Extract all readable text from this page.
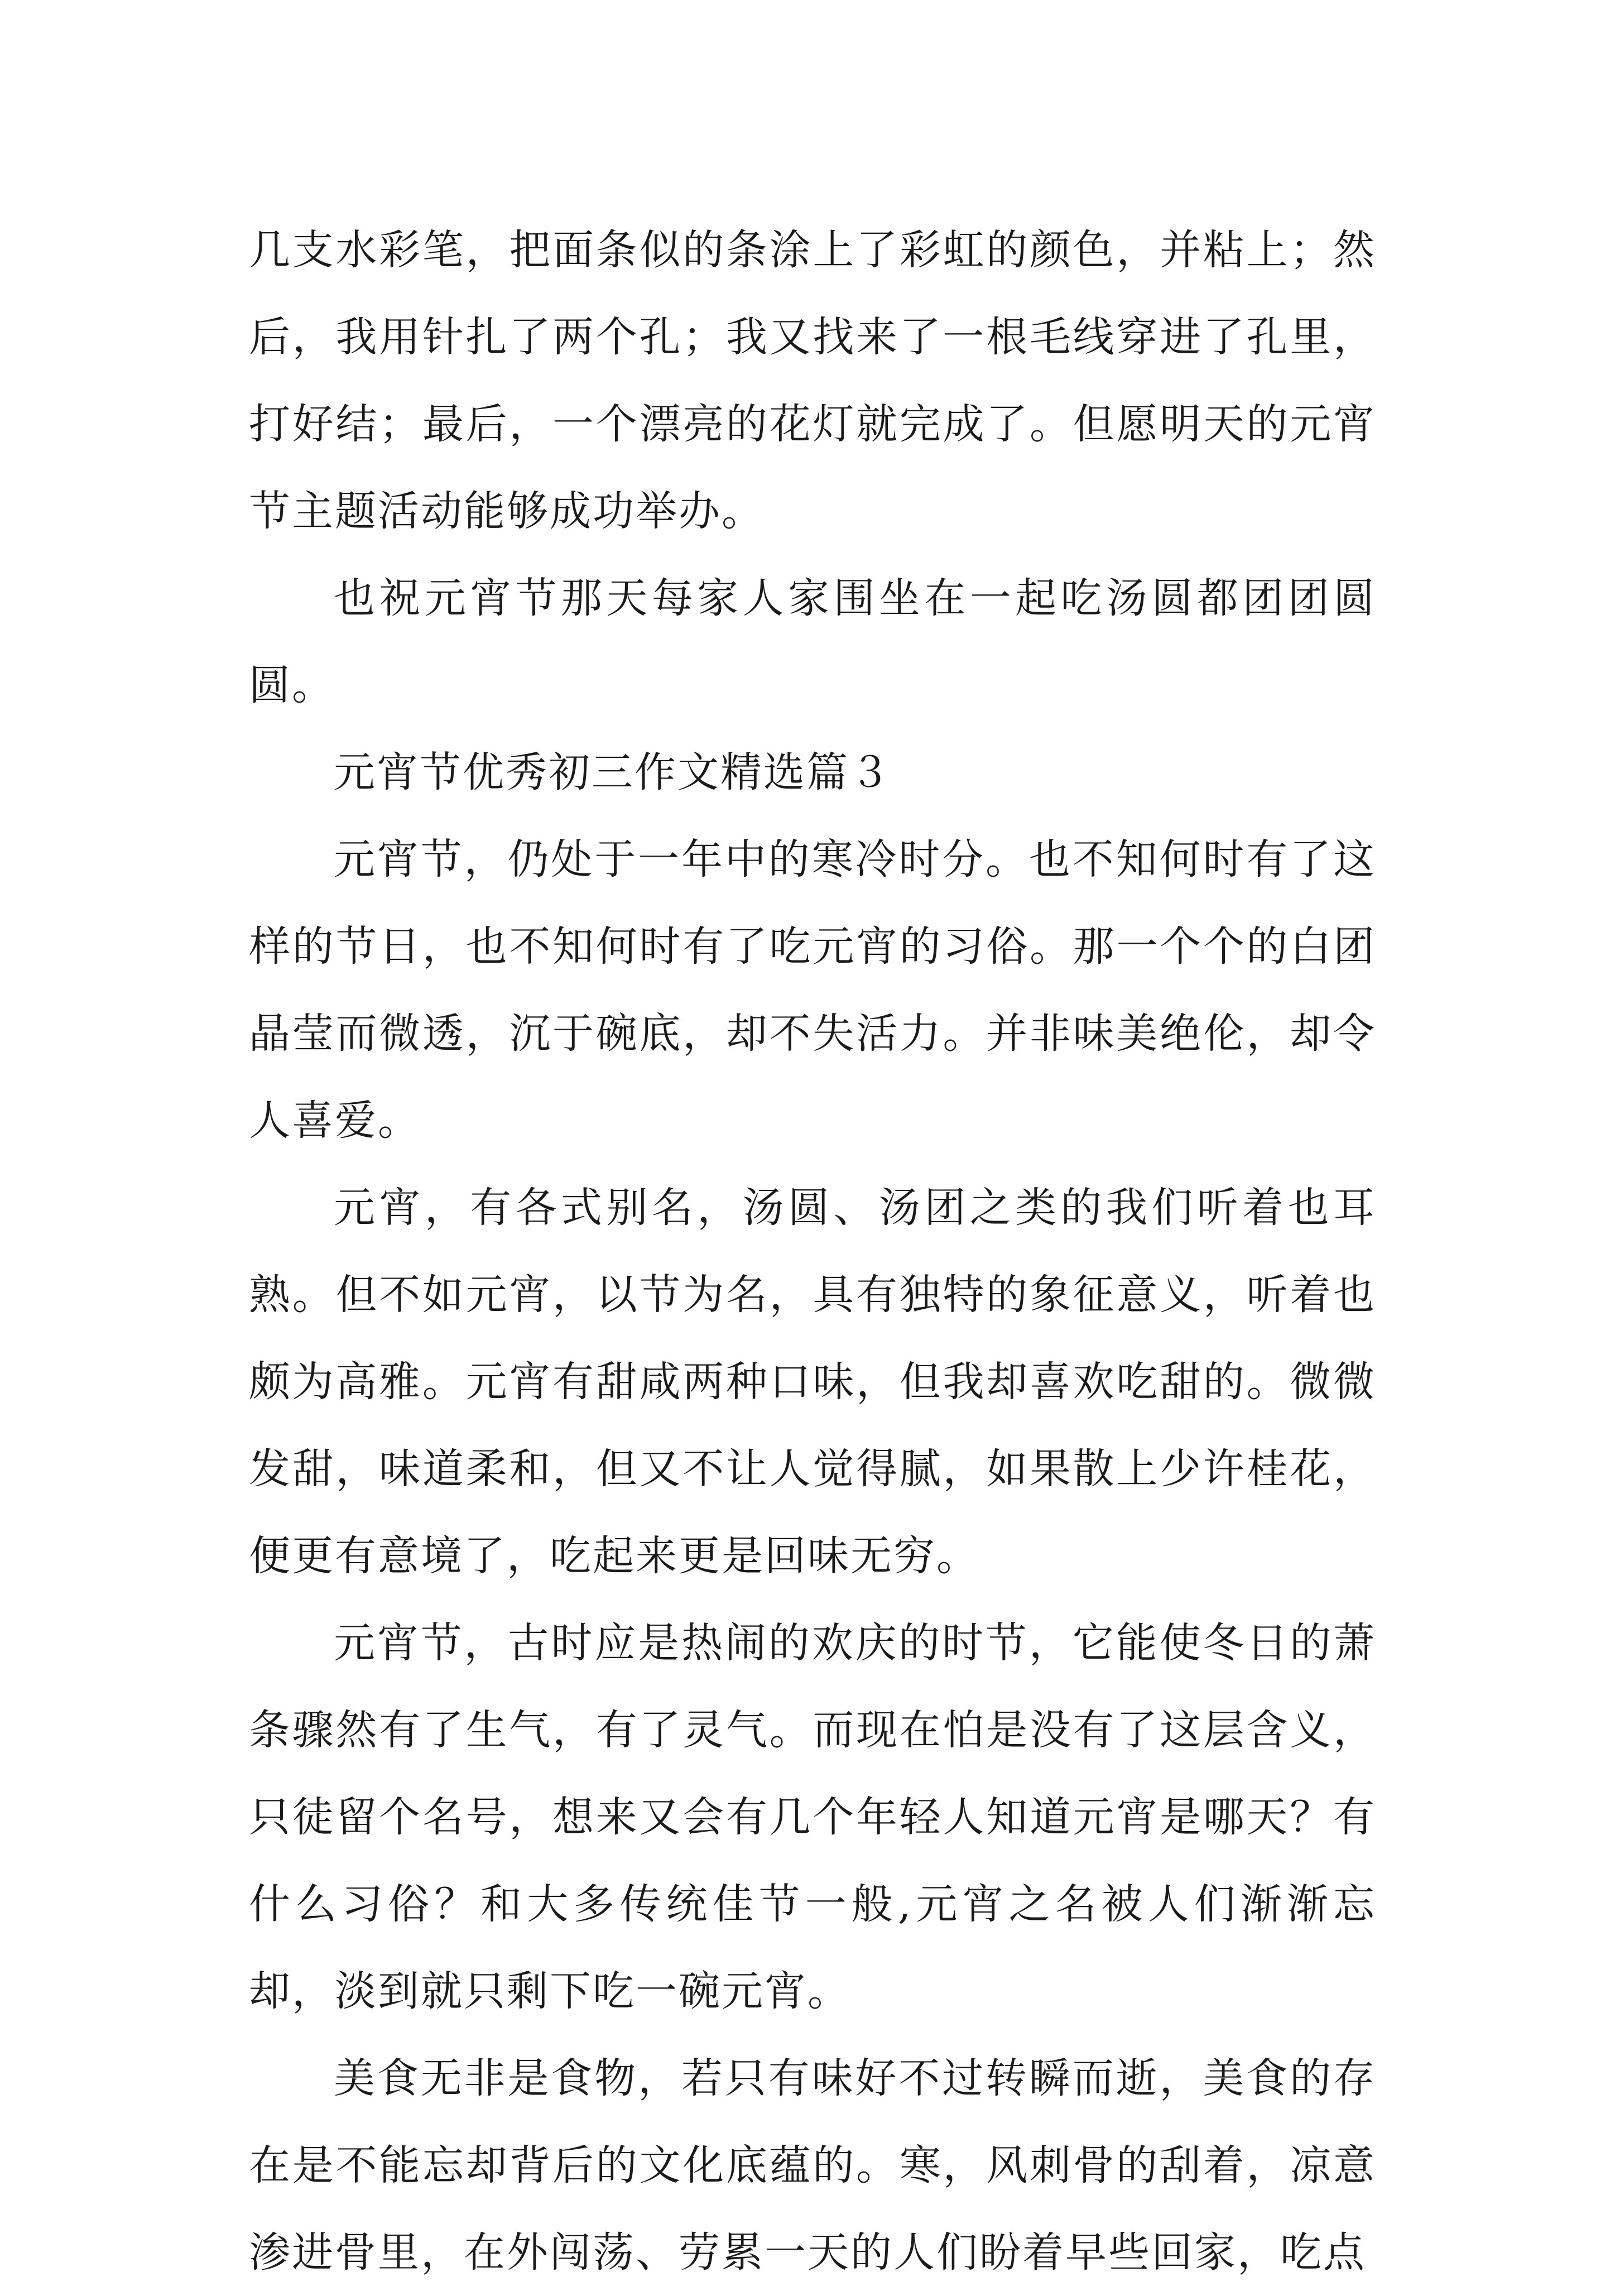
几支水彩笔，把面条似的条涂上了彩虹的颜色，并粘上；然后，我用针扎了两个孔；我又找来了一根毛线穿进了孔里，打好结；最后，一个漂亮的花灯就完成了。但愿明天的元宵节主题活动能够成功举办。

也祝元宵节那天每家人家围坐在一起吃汤圆都团团圆圆。

元宵节优秀初三作文精选篇３

元宵节，仍处于一年中的寒冷时分。也不知何时有了这样的节日，也不知何时有了吃元宵的习俗。那一个个的白团晶莹而微透，沉于碗底，却不失活力。并非味美绝伦，却令人喜爱。

元宵，有各式别名，汤圆、汤团之类的我们听着也耳熟。但不如元宵，以节为名，具有独特的象征意义，听着也颇为高雅。元宵有甜咸两种口味，但我却喜欢吃甜的。微微发甜，味道柔和，但又不让人觉得腻，如果散上少许桂花，便更有意境了，吃起来更是回味无穷。

元宵节，古时应是热闹的欢庆的时节，它能使冬日的萧条骤然有了生气，有了灵气。而现在怕是没有了这层含义，只徒留个名号，想来又会有几个年轻人知道元宵是哪天？有什么习俗？和大多传统佳节一般,元宵之名被人们渐渐忘却，淡到就只剩下吃一碗元宵。

美食无非是食物，若只有味好不过转瞬而逝，美食的存在是不能忘却背后的文化底蕴的。寒，风刺骨的刮着，凉意渗进骨里，在外闯荡、劳累一天的人们盼着早些回家，吃点
